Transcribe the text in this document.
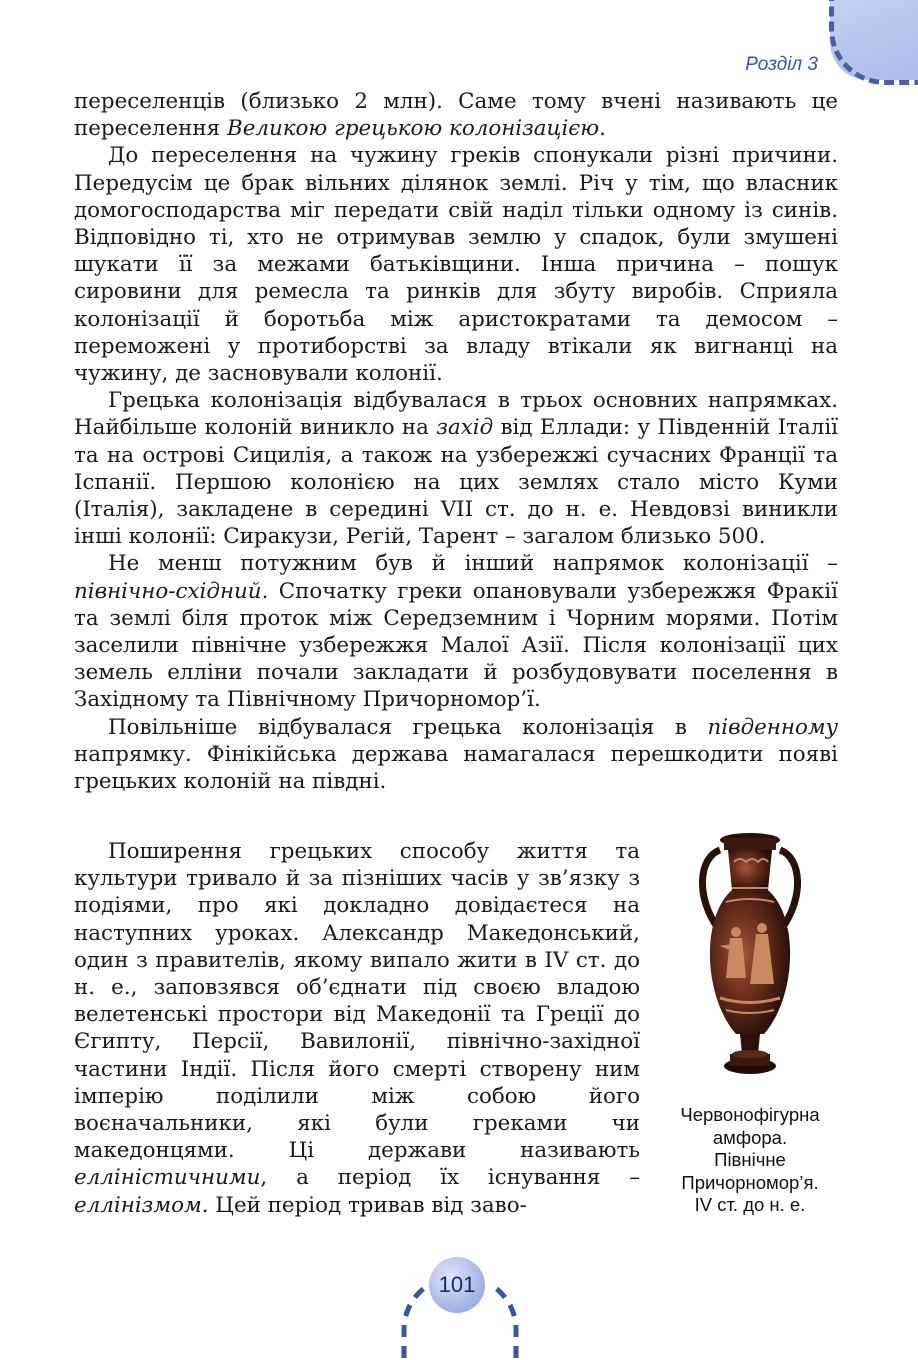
Розділ 3

переселенців (близько 2 млн). Саме тому вчені називають це переселення Великою грецькою колонізацією.

До переселення на чужину греків спонукали різні причини. Передусім це брак вільних ділянок землі. Річ у тім, що власник домогосподарства міг передати свій наділ тільки одному із синів. Відповідно ті, хто не отримував землю у спадок, були змушені шукати її за межами батьківщини. Інша причина – пошук сировини для ремесла та ринків для збуту виробів. Сприяла колонізації й боротьба між аристократами та демосом – переможені у протиборстві за владу втікали як вигнанці на чужину, де засновували колонії.

Грецька колонізація відбувалася в трьох основних напрямках. Найбільше колоній виникло на захід від Еллади: у Південній Італії та на острові Сицилія, а також на узбережжі сучасних Франції та Іспанії. Першою колонією на цих землях стало місто Куми (Італія), закладене в середині VII ст. до н. е. Невдовзі виникли інші колонії: Сиракузи, Регій, Тарент – загалом близько 500.

Не менш потужним був й інший напрямок колонізації – північно-східний. Спочатку греки опановували узбережжя Фракії та землі біля проток між Середземним і Чорним морями. Потім заселили північне узбережжя Малої Азії. Після колонізації цих земель елліни почали закладати й розбудовувати поселення в Західному та Північному Причорномор’ї.

Повільніше відбувалася грецька колонізація в південному напрямку. Фінікійська держава намагалася перешкодити появі грецьких колоній на півдні.

Поширення грецьких способу життя та культури тривало й за пізніших часів у зв’язку з подіями, про які докладно довідаєтеся на наступних уроках. Александр Македонський, один з правителів, якому випало жити в IV ст. до н. е., заповзявся об’єднати під своєю владою велетенські простори від Македонії та Греції до Єгипту, Персії, Вавилонії, північно-західної частини Індії. Після його смерті створену ним імперію поділили між собою його воєначальники, які були греками чи македонцями. Ці держави називають елліністичними, а період їх існування – еллінізмом. Цей період тривав від заво-

Червонофігурна
амфора.
Північне
Причорномор’я.
IV ст. до н. е.
101
